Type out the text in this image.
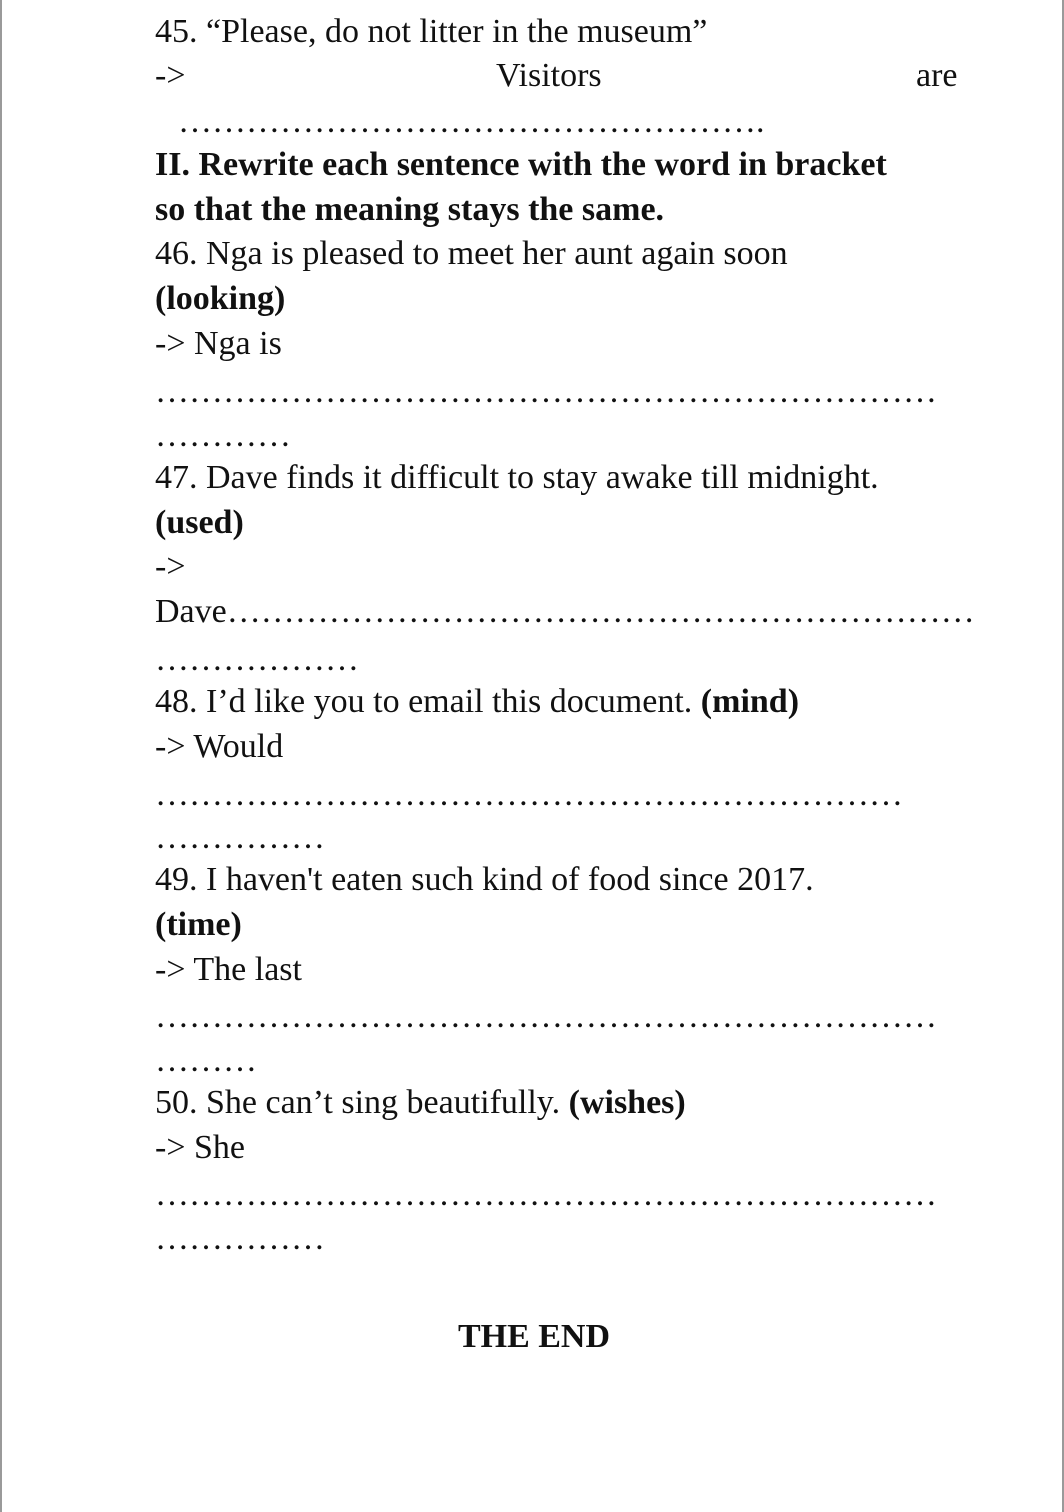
45. “Please, do not litter in the museum”
->	Visitors	are
…………………………………………….
II. Rewrite each sentence with the word in bracket
so that the meaning stays the same.
46. Nga is pleased to meet her aunt again soon
(looking)
-> Nga is
……………………………………………………………
…………
47. Dave finds it difficult to stay awake till midnight.
(used)
->
Dave…………………………………………………………
………………
48. I’d like you to email this document. (mind)
-> Would
…………………………………………………………
……………
49. I haven't eaten such kind of food since 2017.
(time)
-> The last
……………………………………………………………
………
50. She can’t sing beautifully. (wishes)
-> She
……………………………………………………………
……………
THE END
